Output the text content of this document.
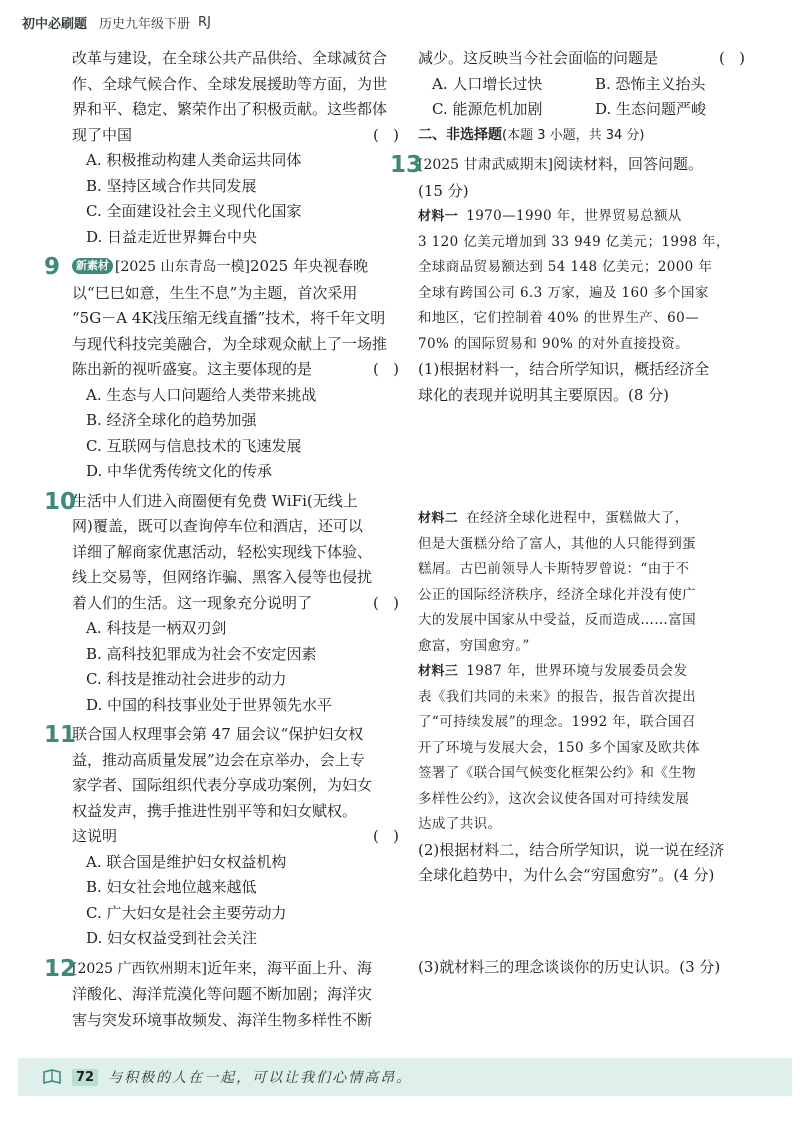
初中必刷题 历史九年级下册 RJ

改革与建设，在全球公共产品供给、全球减贫合

作、全球气候合作、全球发展援助等方面，为世

界和平、稳定、繁荣作出了积极贡献。这些都体

(   )
现了中国

A. 积极推动构建人类命运共同体

B. 坚持区域合作共同发展

C. 全面建设社会主义现代化国家

D. 日益走近世界舞台中央

9	新素材 [2025 山东青岛一模]2025 年央视春晚

以“巳巳如意，生生不息”为主题，首次采用

“5G－A 4K浅压缩无线直播”技术，将千年文明

与现代科技完美融合，为全球观众献上了一场推

(   )
陈出新的视听盛宴。这主要体现的是

A. 生态与人口问题给人类带来挑战

B. 经济全球化的趋势加强

C. 互联网与信息技术的飞速发展

D. 中华优秀传统文化的传承

10

生活中人们进入商圈便有免费 WiFi(无线上

网)覆盖，既可以查询停车位和酒店，还可以

详细了解商家优惠活动，轻松实现线下体验、

线上交易等，但网络诈骗、黑客入侵等也侵扰

(   )
着人们的生活。这一现象充分说明了

A. 科技是一柄双刃剑

B. 高科技犯罪成为社会不安定因素

C. 科技是推动社会进步的动力

D. 中国的科技事业处于世界领先水平

11

联合国人权理事会第 47 届会议“保护妇女权

益，推动高质量发展”边会在京举办，会上专

家学者、国际组织代表分享成功案例，为妇女

权益发声，携手推进性别平等和妇女赋权。

(   )
这说明

A. 联合国是维护妇女权益机构

B. 妇女社会地位越来越低

C. 广大妇女是社会主要劳动力

D. 妇女权益受到社会关注

12

[2025 广西钦州期末]近年来，海平面上升、海

洋酸化、海洋荒漠化等问题不断加剧；海洋灾

害与突发环境事故频发、海洋生物多样性不断

(   )
减少。这反映当今社会面临的问题是

A. 人口增长过快	B. 恐怖主义抬头
C. 能源危机加剧	D. 生态问题严峻

二、非选择题(本题 3 小题，共 34 分)

13

[2025 甘肃武威期末]阅读材料，回答问题。

(15 分)

材料一 1970—1990 年，世界贸易总额从

3 120 亿美元增加到 33 949 亿美元；1998 年，

全球商品贸易额达到 54 148 亿美元；2000 年

全球有跨国公司 6.3 万家，遍及 160 多个国家

和地区，它们控制着 40% 的世界生产、60—

70% 的国际贸易和 90% 的对外直接投资。

(1)根据材料一，结合所学知识，概括经济全

球化的表现并说明其主要原因。(8 分)

材料二 在经济全球化进程中，蛋糕做大了，

但是大蛋糕分给了富人，其他的人只能得到蛋

糕屑。古巴前领导人卡斯特罗曾说：“由于不

公正的国际经济秩序，经济全球化并没有使广

大的发展中国家从中受益，反而造成……富国

愈富，穷国愈穷。”

材料三 1987 年，世界环境与发展委员会发

表《我们共同的未来》的报告，报告首次提出

了“可持续发展”的理念。1992 年，联合国召

开了环境与发展大会，150 多个国家及欧共体

签署了《联合国气候变化框架公约》和《生物

多样性公约》，这次会议使各国对可持续发展

达成了共识。

(2)根据材料二，结合所学知识，说一说在经济

全球化趋势中，为什么会“穷国愈穷”。(4 分)

(3)就材料三的理念谈谈你的历史认识。(3 分)

72 与积极的人在一起，可以让我们心情高昂。
